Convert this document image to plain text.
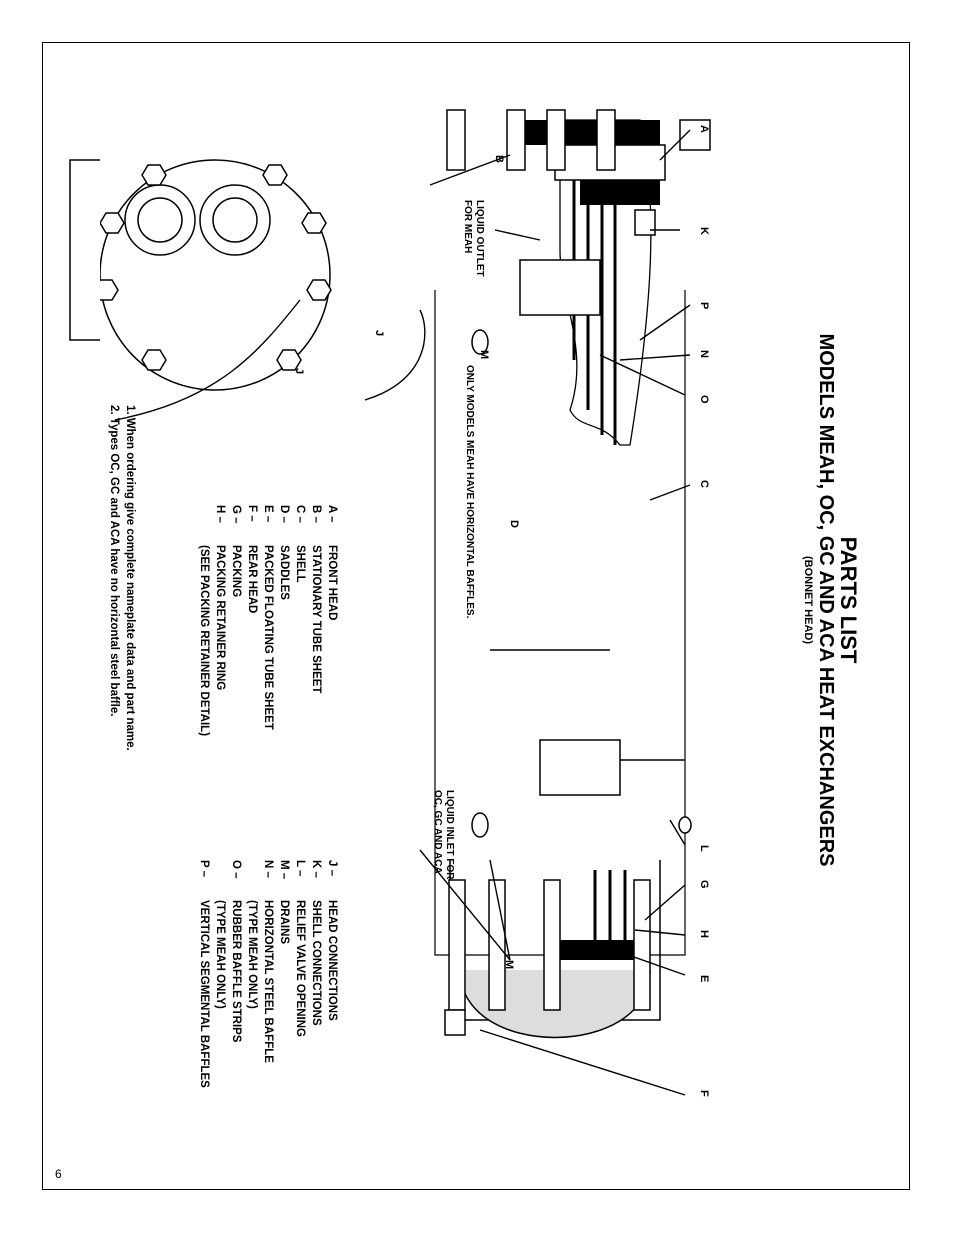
6
PARTS LIST
MODELS MEAH, OC, GC AND ACA HEAT EXCHANGERS
(BONNET HEAD)
A
K
P
N
O
C
L
G
H
E
F
B
M
M
D
J
J
LIQUID OUTLET
FOR MEAH
LIQUID INLET FOR
OC, GC AND ACA
ONLY MODELS MEAH HAVE HORIZONTAL BAFFLES.
A –
FRONT HEAD
B –
STATIONARY TUBE SHEET
C –
SHELL
D –
SADDLES
E –
PACKED FLOATING TUBE SHEET
F –
REAR HEAD
G –
PACKING
H –
PACKING RETAINER RING
(SEE PACKING RETAINER DETAIL)
J –
HEAD CONNECTIONS
K –
SHELL CONNECTIONS
L –
RELIEF VALVE OPENING
M –
DRAINS
N –
HORIZONTAL STEEL BAFFLE
(TYPE MEAH ONLY)
O –
RUBBER BAFFLE STRIPS
(TYPE MEAH ONLY)
P –
VERTICAL SEGMENTAL BAFFLES
1. When ordering give complete nameplate data and part name.
2. Types OC, GC and ACA have no horizontal steel baffle.
